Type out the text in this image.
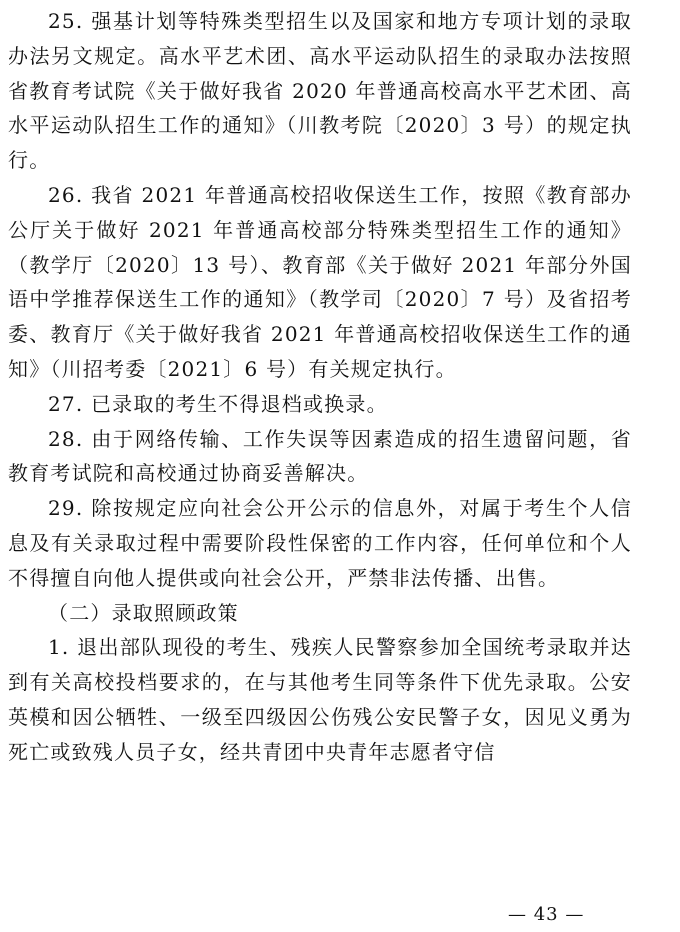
25. 强基计划等特殊类型招生以及国家和地方专项计划的录取办法另文规定。高水平艺术团、高水平运动队招生的录取办法按照省教育考试院《关于做好我省 2020 年普通高校高水平艺术团、高水平运动队招生工作的通知》（川教考院〔2020〕3 号）的规定执行。

26. 我省 2021 年普通高校招收保送生工作，按照《教育部办公厅关于做好 2021 年普通高校部分特殊类型招生工作的通知》（教学厅〔2020〕13 号）、教育部《关于做好 2021 年部分外国语中学推荐保送生工作的通知》（教学司〔2020〕7 号）及省招考委、教育厅《关于做好我省 2021 年普通高校招收保送生工作的通知》（川招考委〔2021〕6 号）有关规定执行。

27. 已录取的考生不得退档或换录。

28. 由于网络传输、工作失误等因素造成的招生遗留问题，省教育考试院和高校通过协商妥善解决。

29. 除按规定应向社会公开公示的信息外，对属于考生个人信息及有关录取过程中需要阶段性保密的工作内容，任何单位和个人不得擅自向他人提供或向社会公开，严禁非法传播、出售。

（二）录取照顾政策

1. 退出部队现役的考生、残疾人民警察参加全国统考录取并达到有关高校投档要求的，在与其他考生同等条件下优先录取。公安英模和因公牺牲、一级至四级因公伤残公安民警子女，因见义勇为死亡或致残人员子女，经共青团中央青年志愿者守信

— 43 —
